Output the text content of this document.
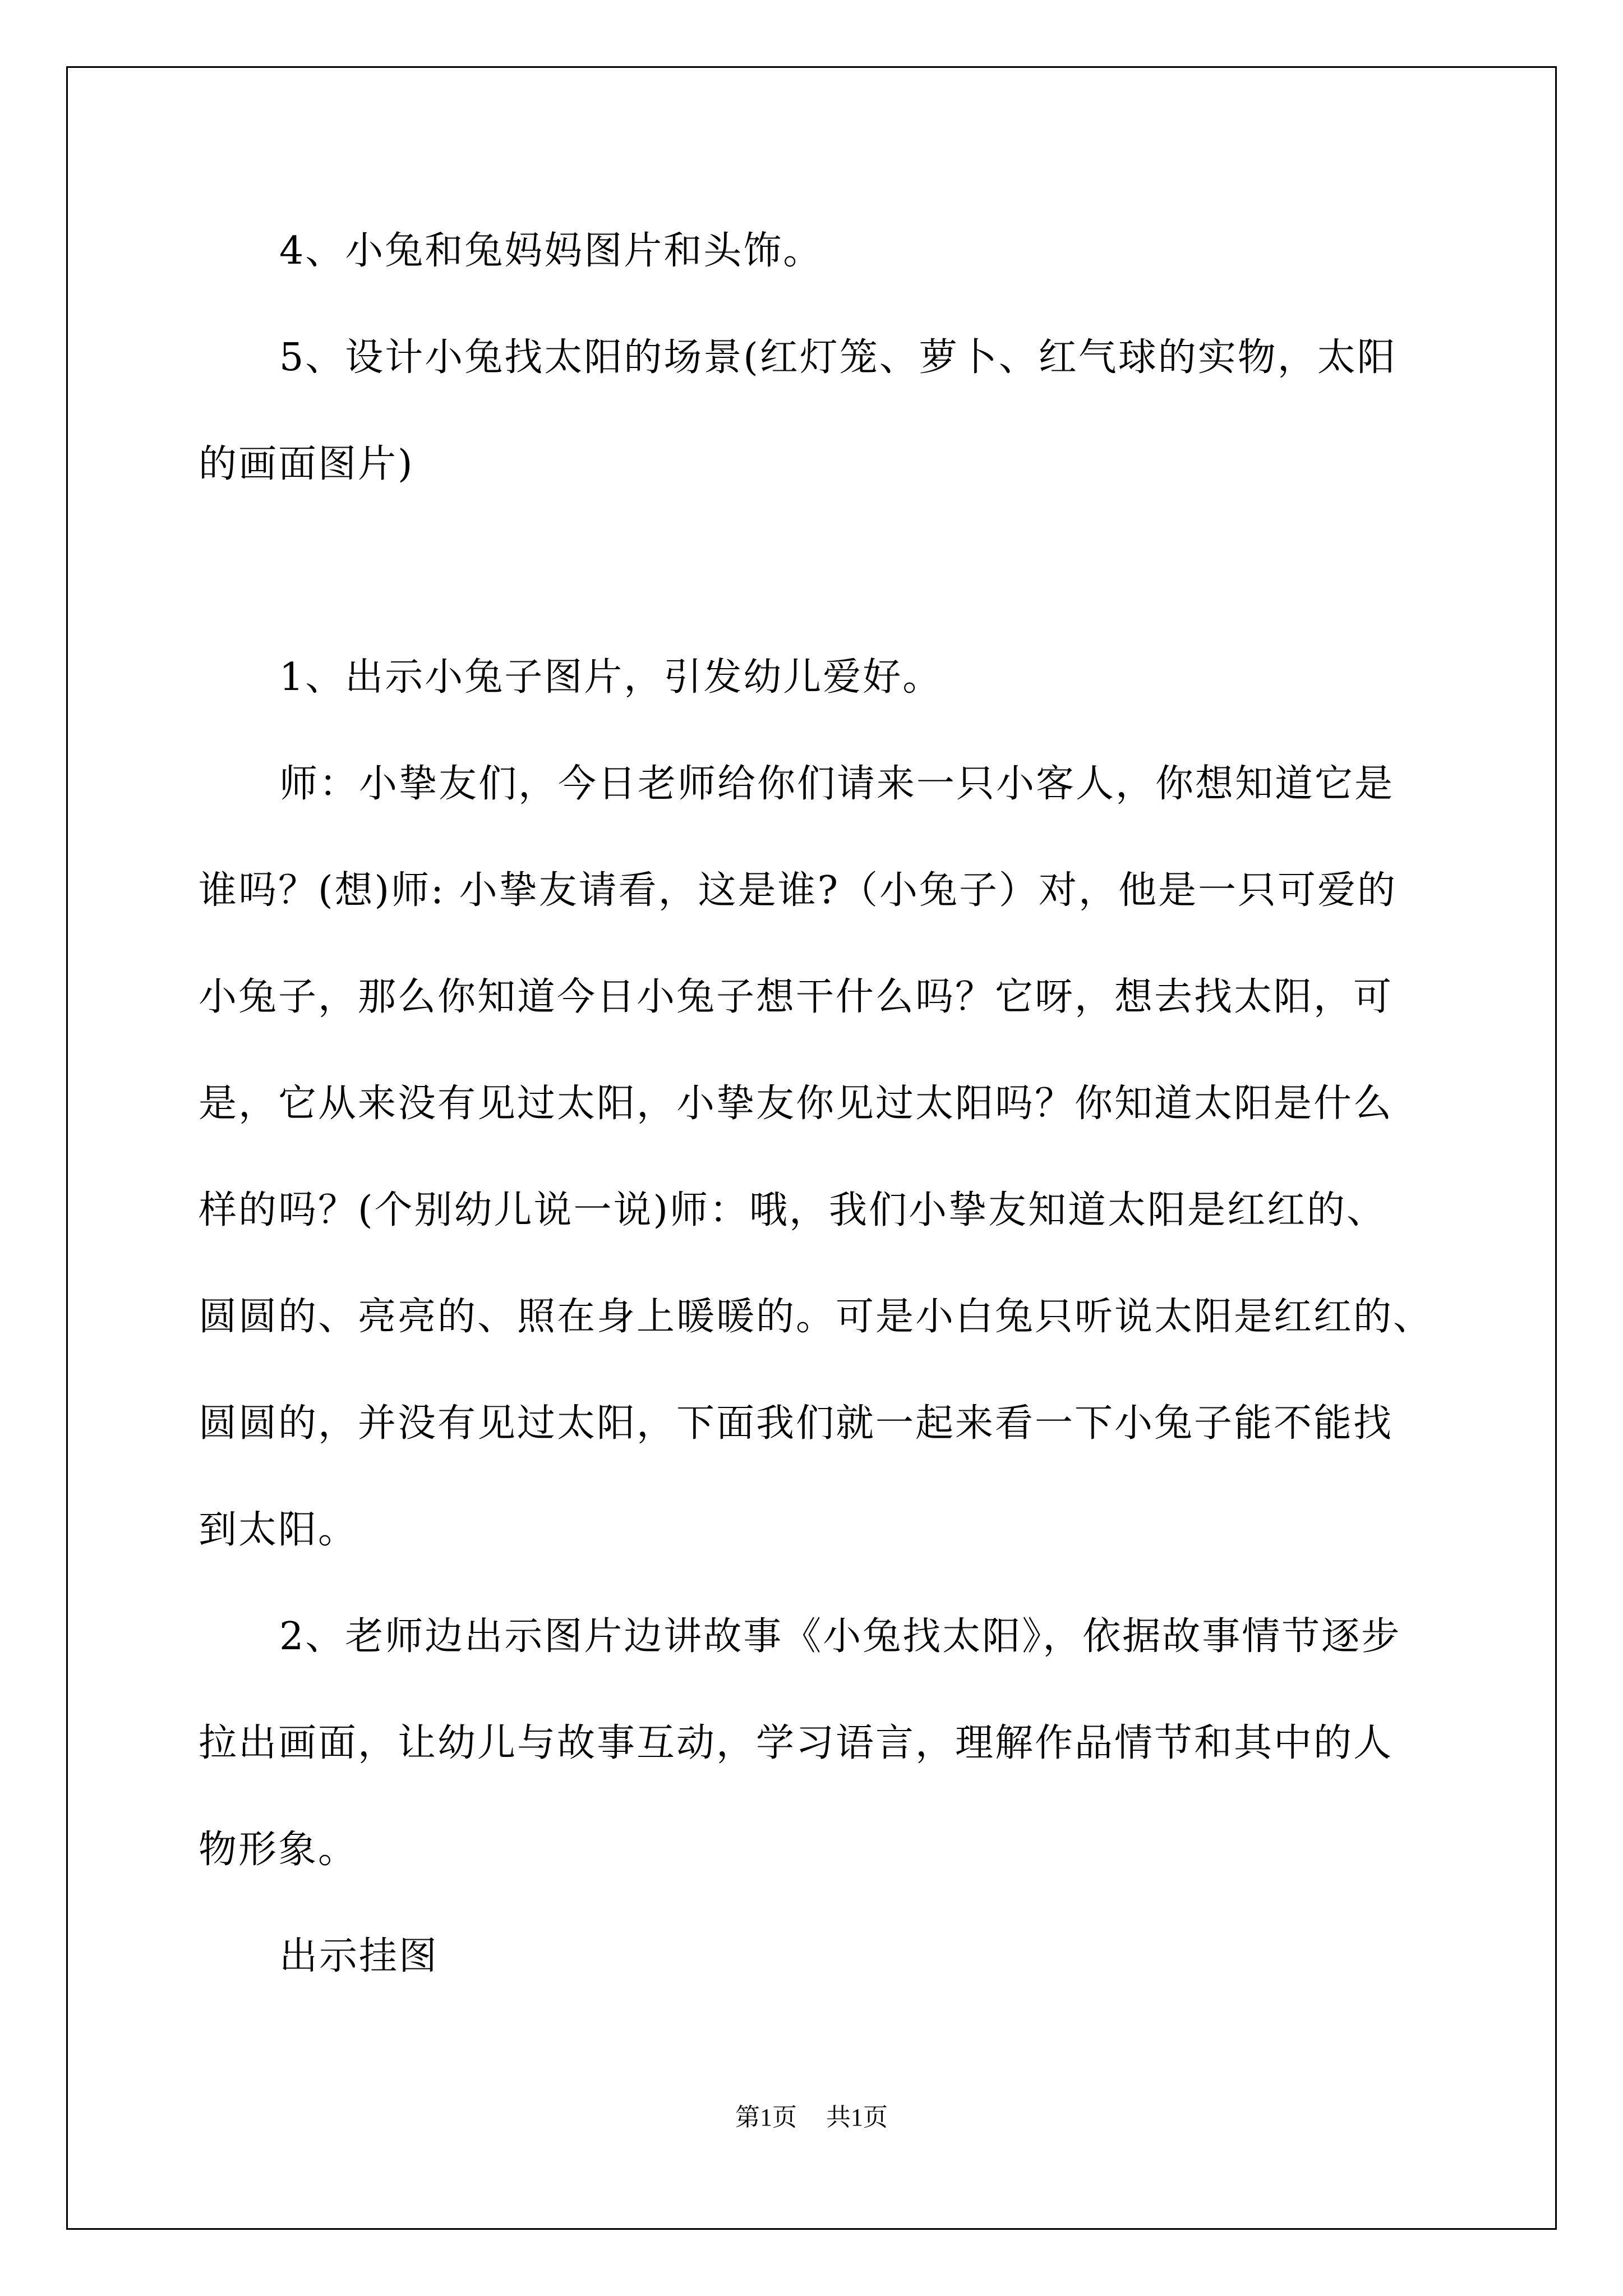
4、小兔和兔妈妈图片和头饰。
5、设计小兔找太阳的场景(红灯笼、萝卜、红气球的实物，太阳
的画面图片)
1、出示小兔子图片，引发幼儿爱好。
师：小挚友们，今日老师给你们请来一只小客人，你想知道它是
谁吗？(想)师: 小挚友请看，这是谁?（小兔子）对，他是一只可爱的
小兔子，那么你知道今日小兔子想干什么吗？它呀，想去找太阳，可
是，它从来没有见过太阳，小挚友你见过太阳吗？你知道太阳是什么
样的吗？(个别幼儿说一说)师：哦，我们小挚友知道太阳是红红的、
圆圆的、亮亮的、照在身上暖暖的。可是小白兔只听说太阳是红红的、
圆圆的，并没有见过太阳，下面我们就一起来看一下小兔子能不能找
到太阳。
2、老师边出示图片边讲故事《小兔找太阳》，依据故事情节逐步
拉出画面，让幼儿与故事互动，学习语言，理解作品情节和其中的人
物形象。
出示挂图
第1页 共1页
